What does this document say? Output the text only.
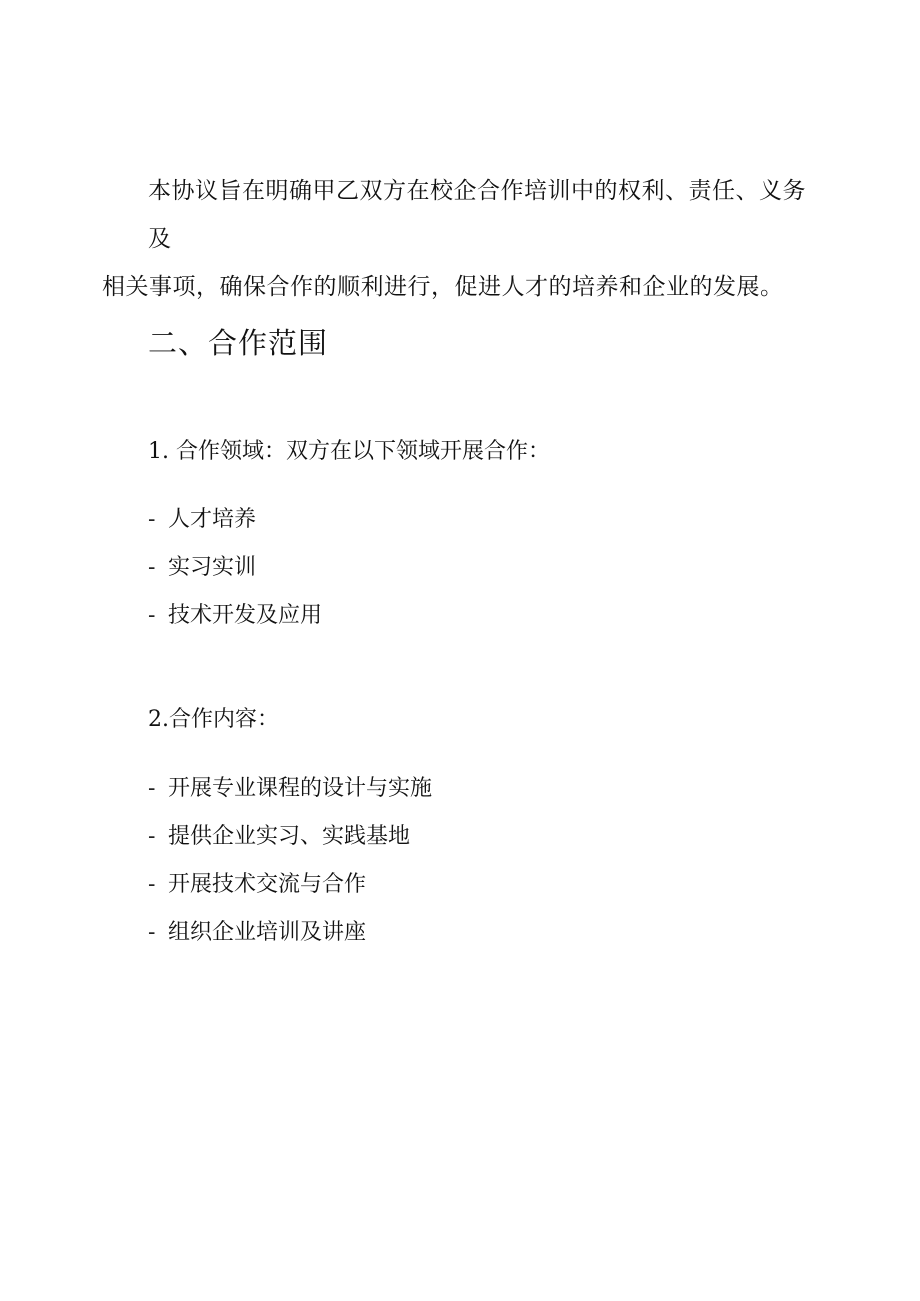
本协议旨在明确甲乙双方在校企合作培训中的权利、责任、义务及
相关事项，确保合作的顺利进行，促进人才的培养和企业的发展。

二、合作范围

1. 合作领域：双方在以下领域开展合作：

- 人才培养
- 实习实训
- 技术开发及应用

2.合作内容：

- 开展专业课程的设计与实施
- 提供企业实习、实践基地
- 开展技术交流与合作
- 组织企业培训及讲座
